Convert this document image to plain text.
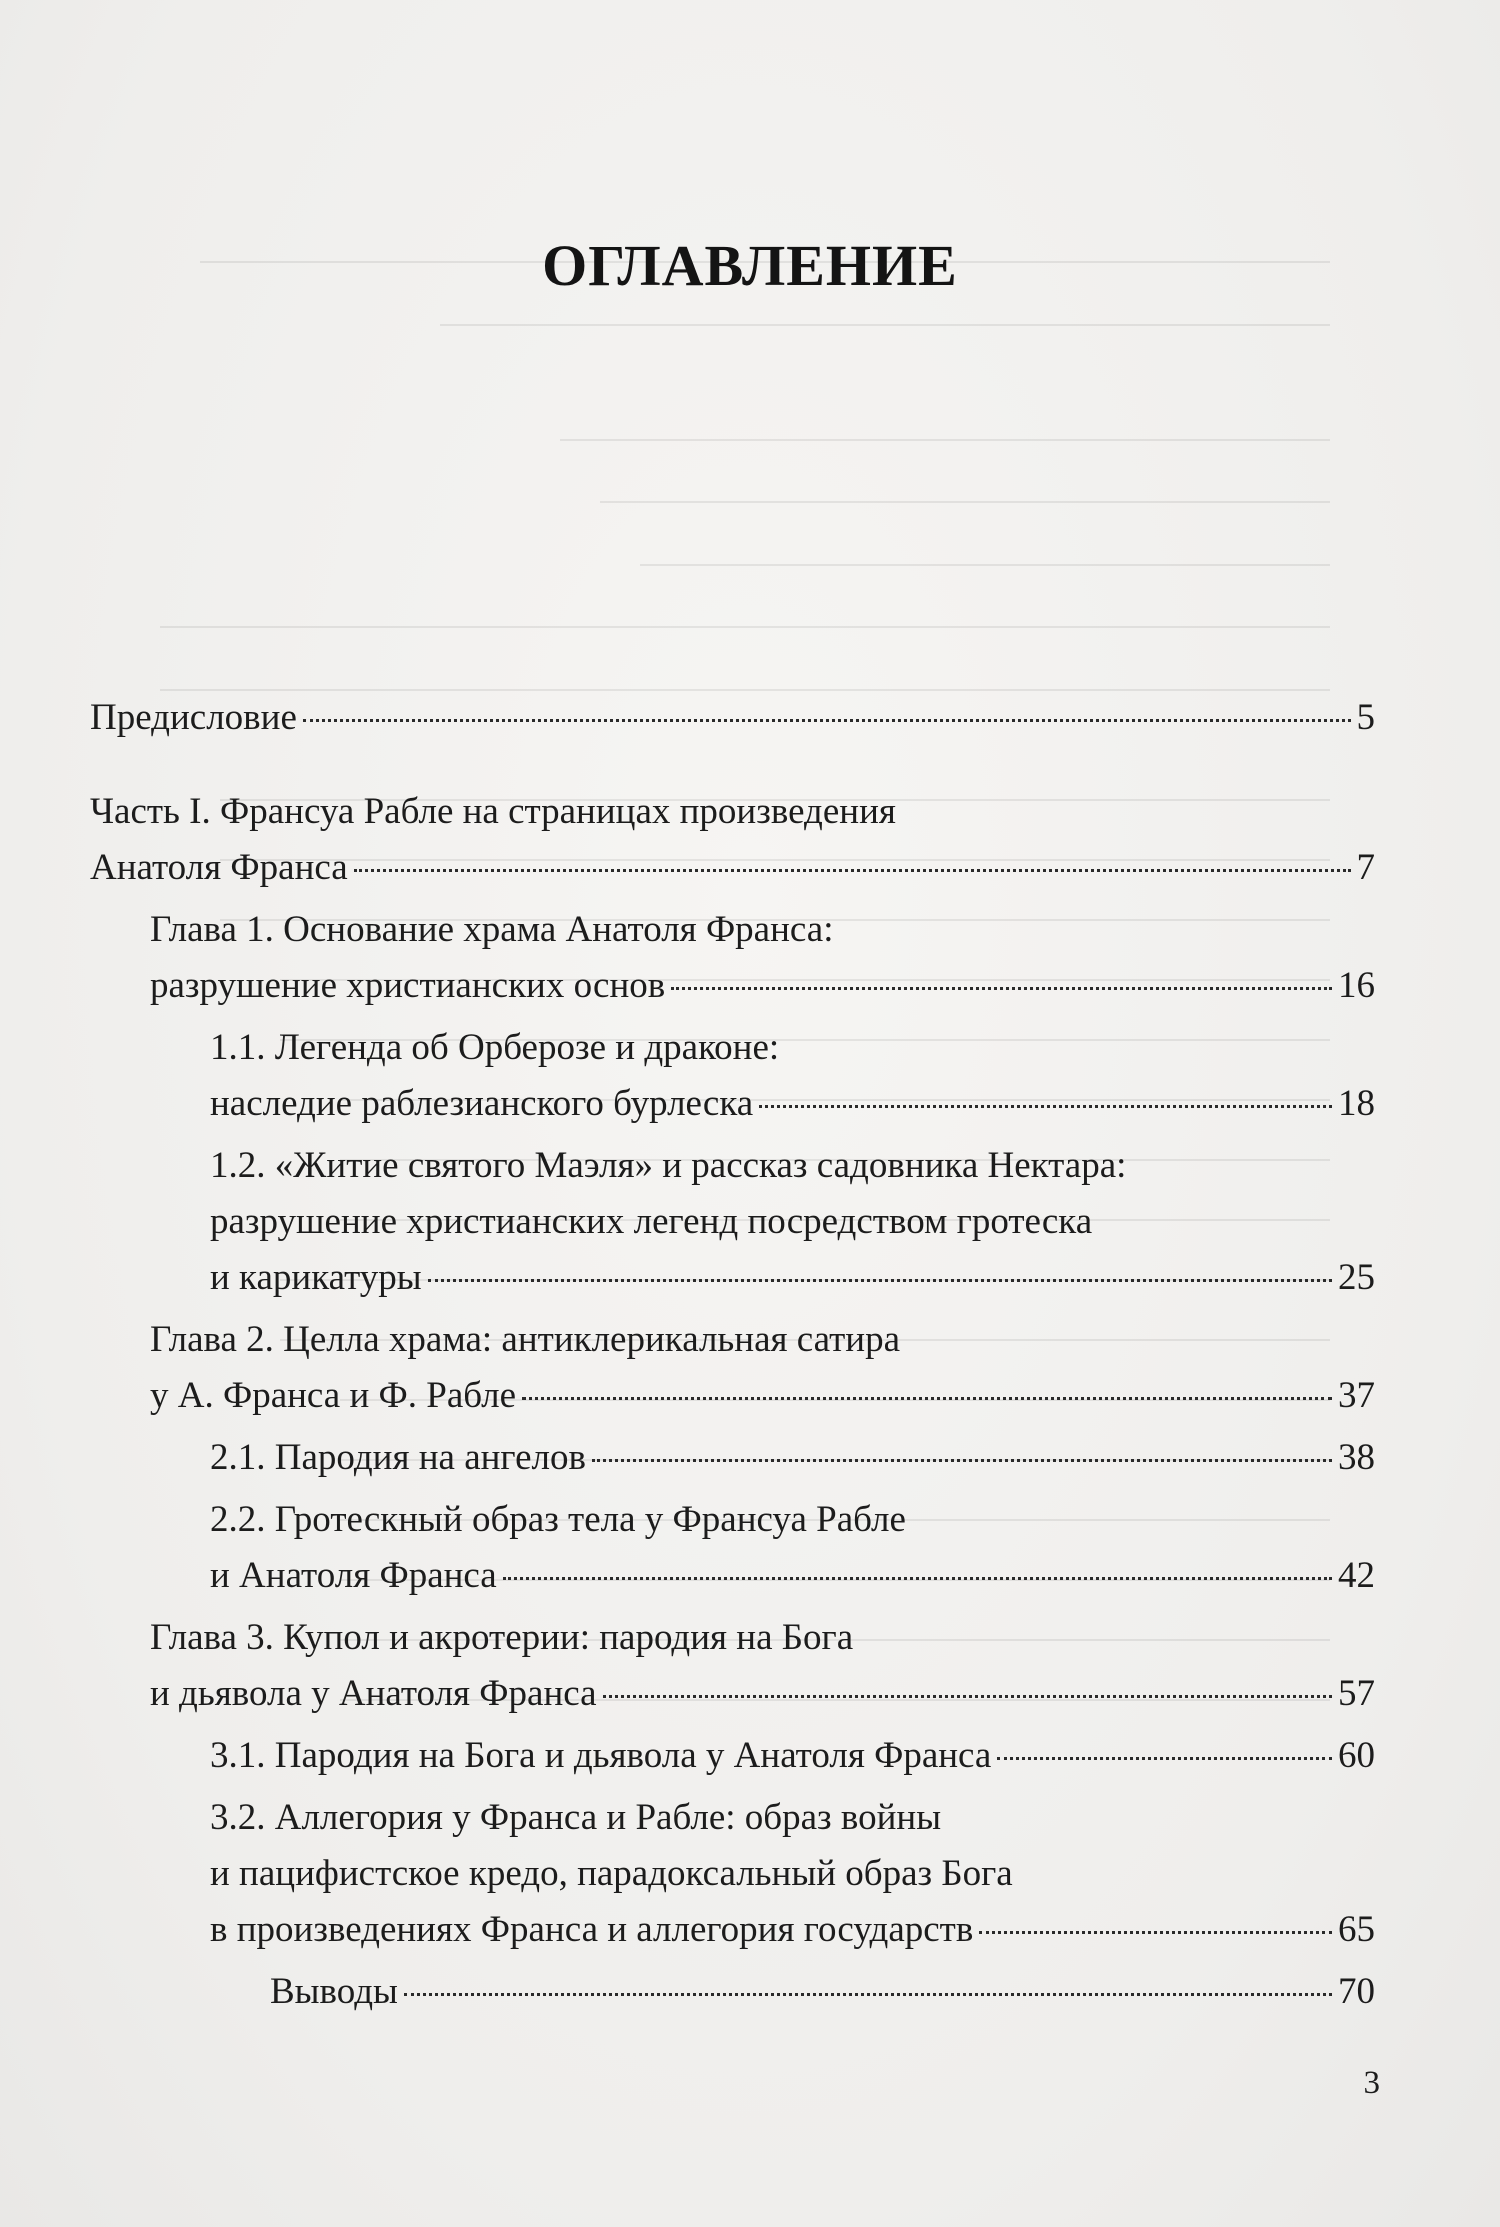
ОГЛАВЛЕНИЕ
Предисловие	5
Часть I. Франсуа Рабле на страницах произведения
Анатоля Франса	7
Глава 1. Основание храма Анатоля Франса:
разрушение христианских основ	16
1.1. Легенда об Орберозе и драконе:
наследие раблезианского бурлеска	18
1.2. «Житие святого Маэля» и рассказ садовника Нектара:
разрушение христианских легенд посредством гротеска
и карикатуры	25
Глава 2. Целла храма: антиклерикальная сатира
у А. Франса и Ф. Рабле	37
2.1. Пародия на ангелов	38
2.2. Гротескный образ тела у Франсуа Рабле
и Анатоля Франса	42
Глава 3. Купол и акротерии: пародия на Бога
и дьявола у Анатоля Франса	57
3.1. Пародия на Бога и дьявола у Анатоля Франса	60
3.2. Аллегория у Франса и Рабле: образ войны
и пацифистское кредо, парадоксальный образ Бога
в произведениях Франса и аллегория государств	65
Выводы	70
3
